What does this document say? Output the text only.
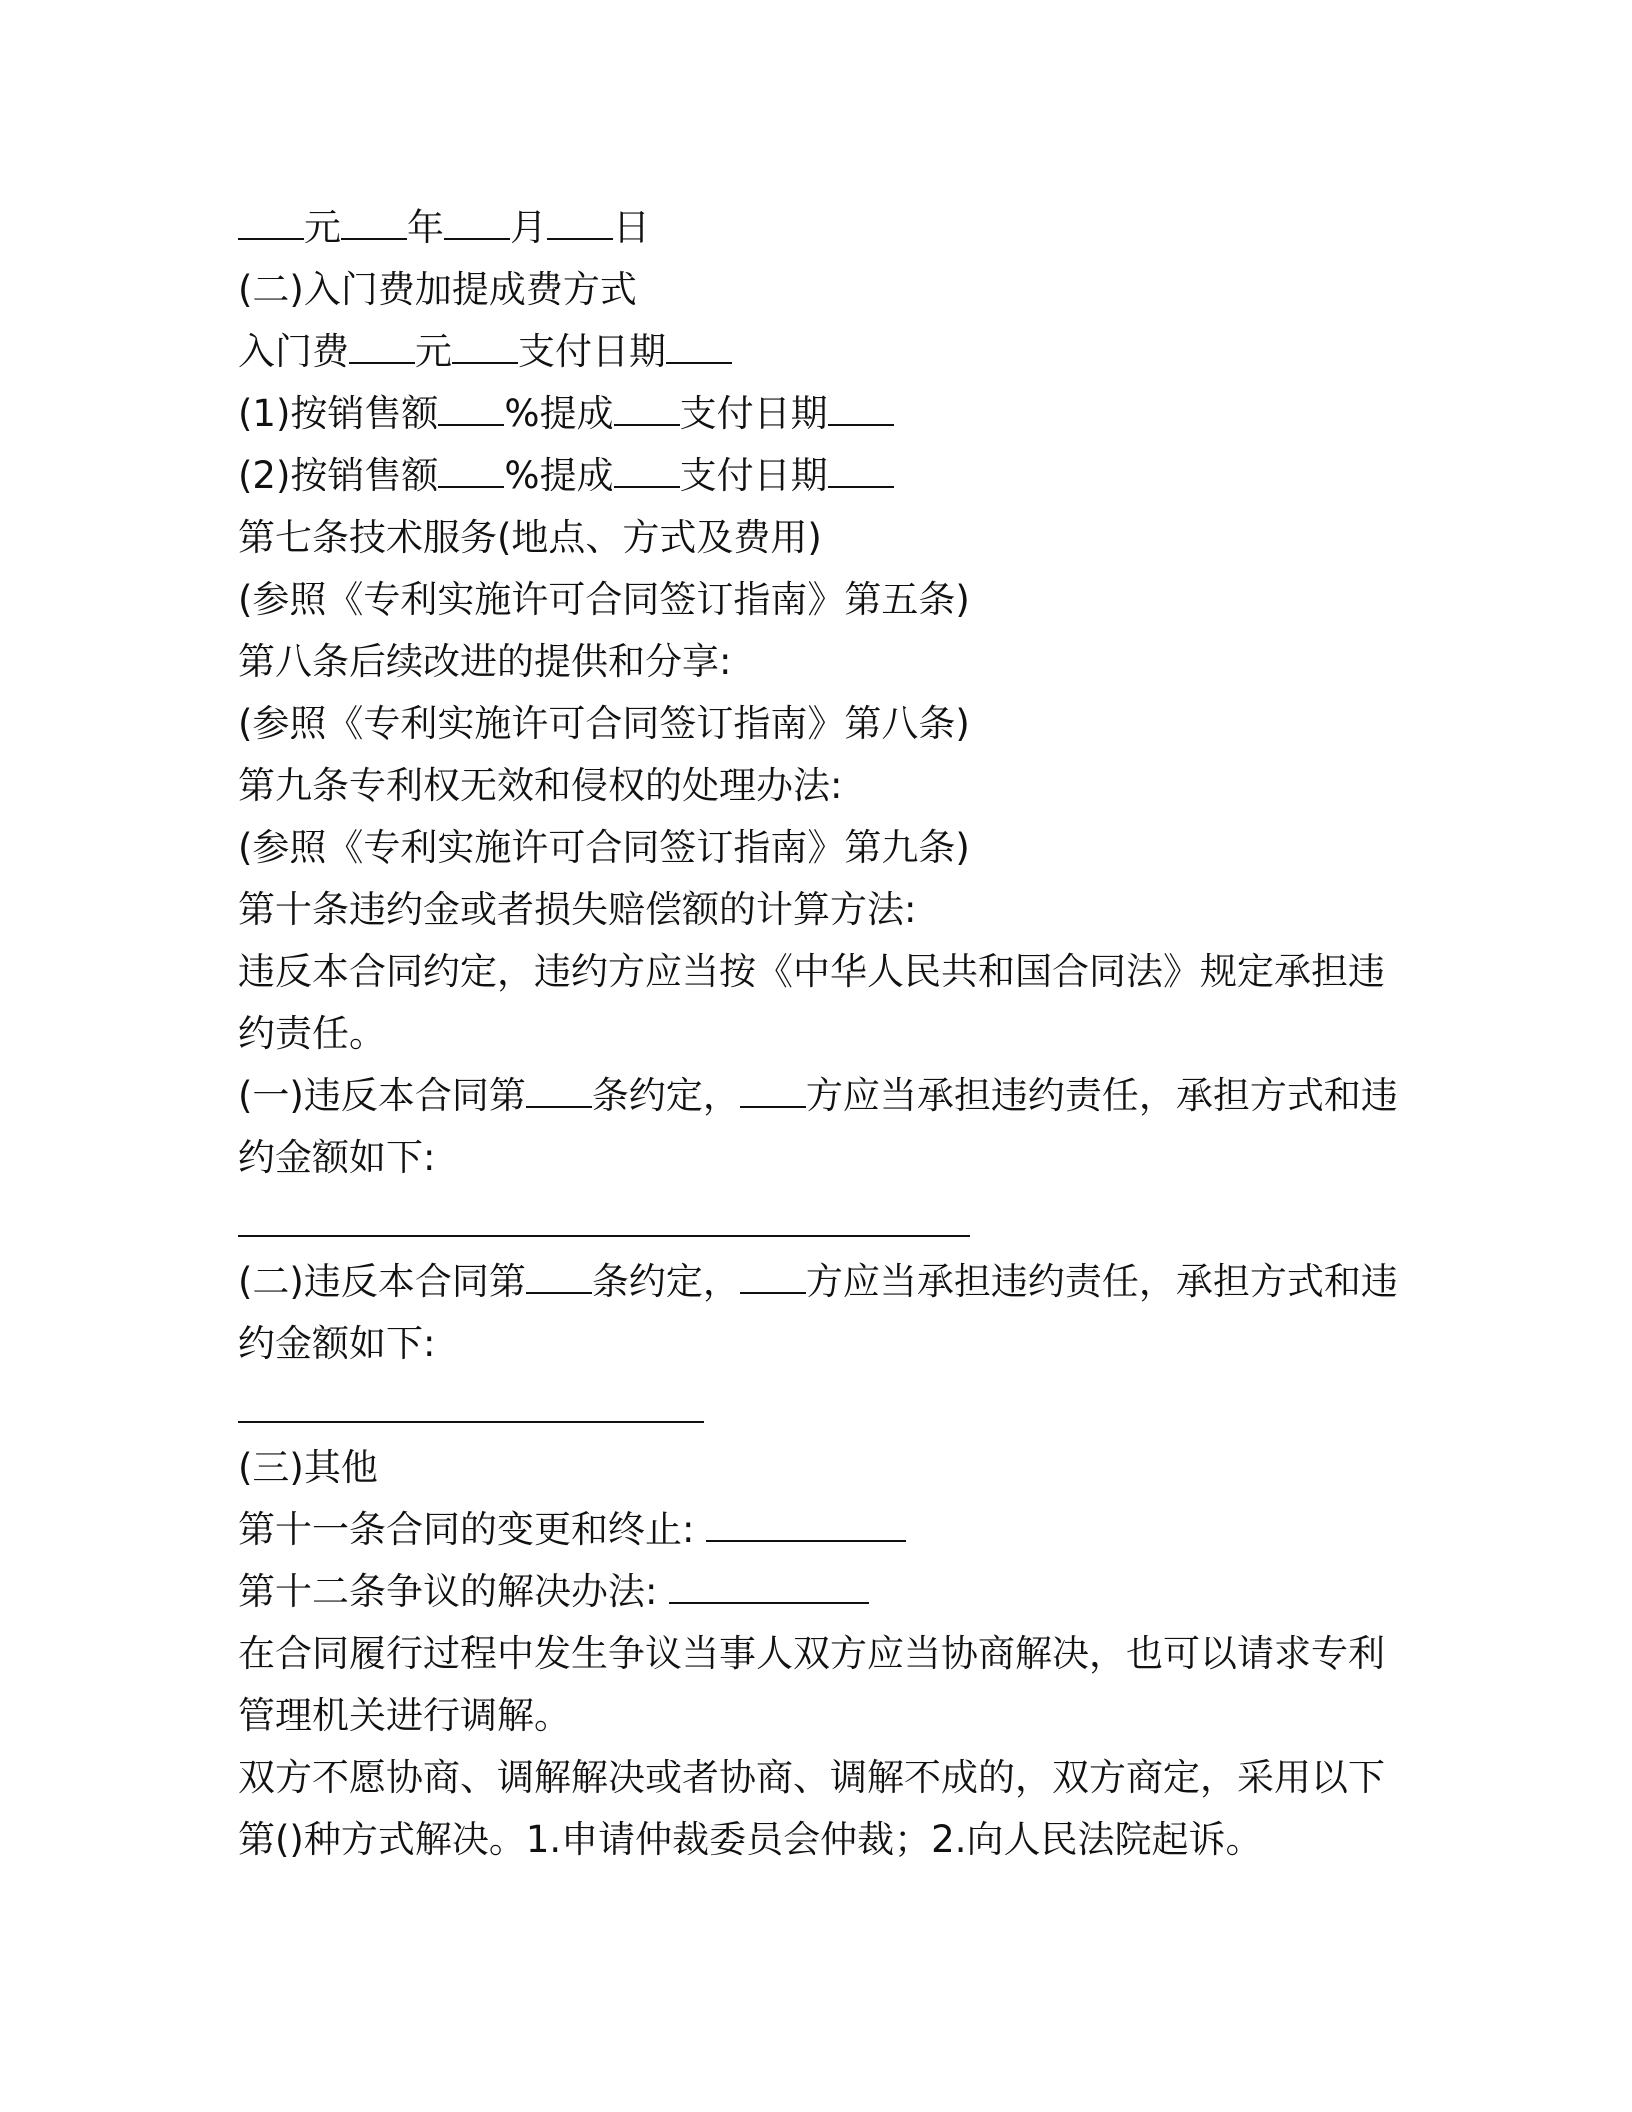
元 年 月 日
(二)入门费加提成费方式
入门费 元 支付日期
(1)按销售额 %提成 支付日期
(2)按销售额 %提成 支付日期
第七条技术服务(地点、方式及费用)
(参照《专利实施许可合同签订指南》第五条)
第八条后续改进的提供和分享:
(参照《专利实施许可合同签订指南》第八条)
第九条专利权无效和侵权的处理办法:
(参照《专利实施许可合同签订指南》第九条)
第十条违约金或者损失赔偿额的计算方法:
违反本合同约定，违约方应当按《中华人民共和国合同法》规定承担违约责任。
(一)违反本合同第 条约定， 方应当承担违约责任，承担方式和违约金额如下:
(二)违反本合同第 条约定， 方应当承担违约责任，承担方式和违约金额如下:
(三)其他
第十一条合同的变更和终止:
第十二条争议的解决办法:
在合同履行过程中发生争议当事人双方应当协商解决，也可以请求专利管理机关进行调解。
双方不愿协商、调解解决或者协商、调解不成的，双方商定，采用以下第()种方式解决。1.申请仲裁委员会仲裁；2.向人民法院起诉。
